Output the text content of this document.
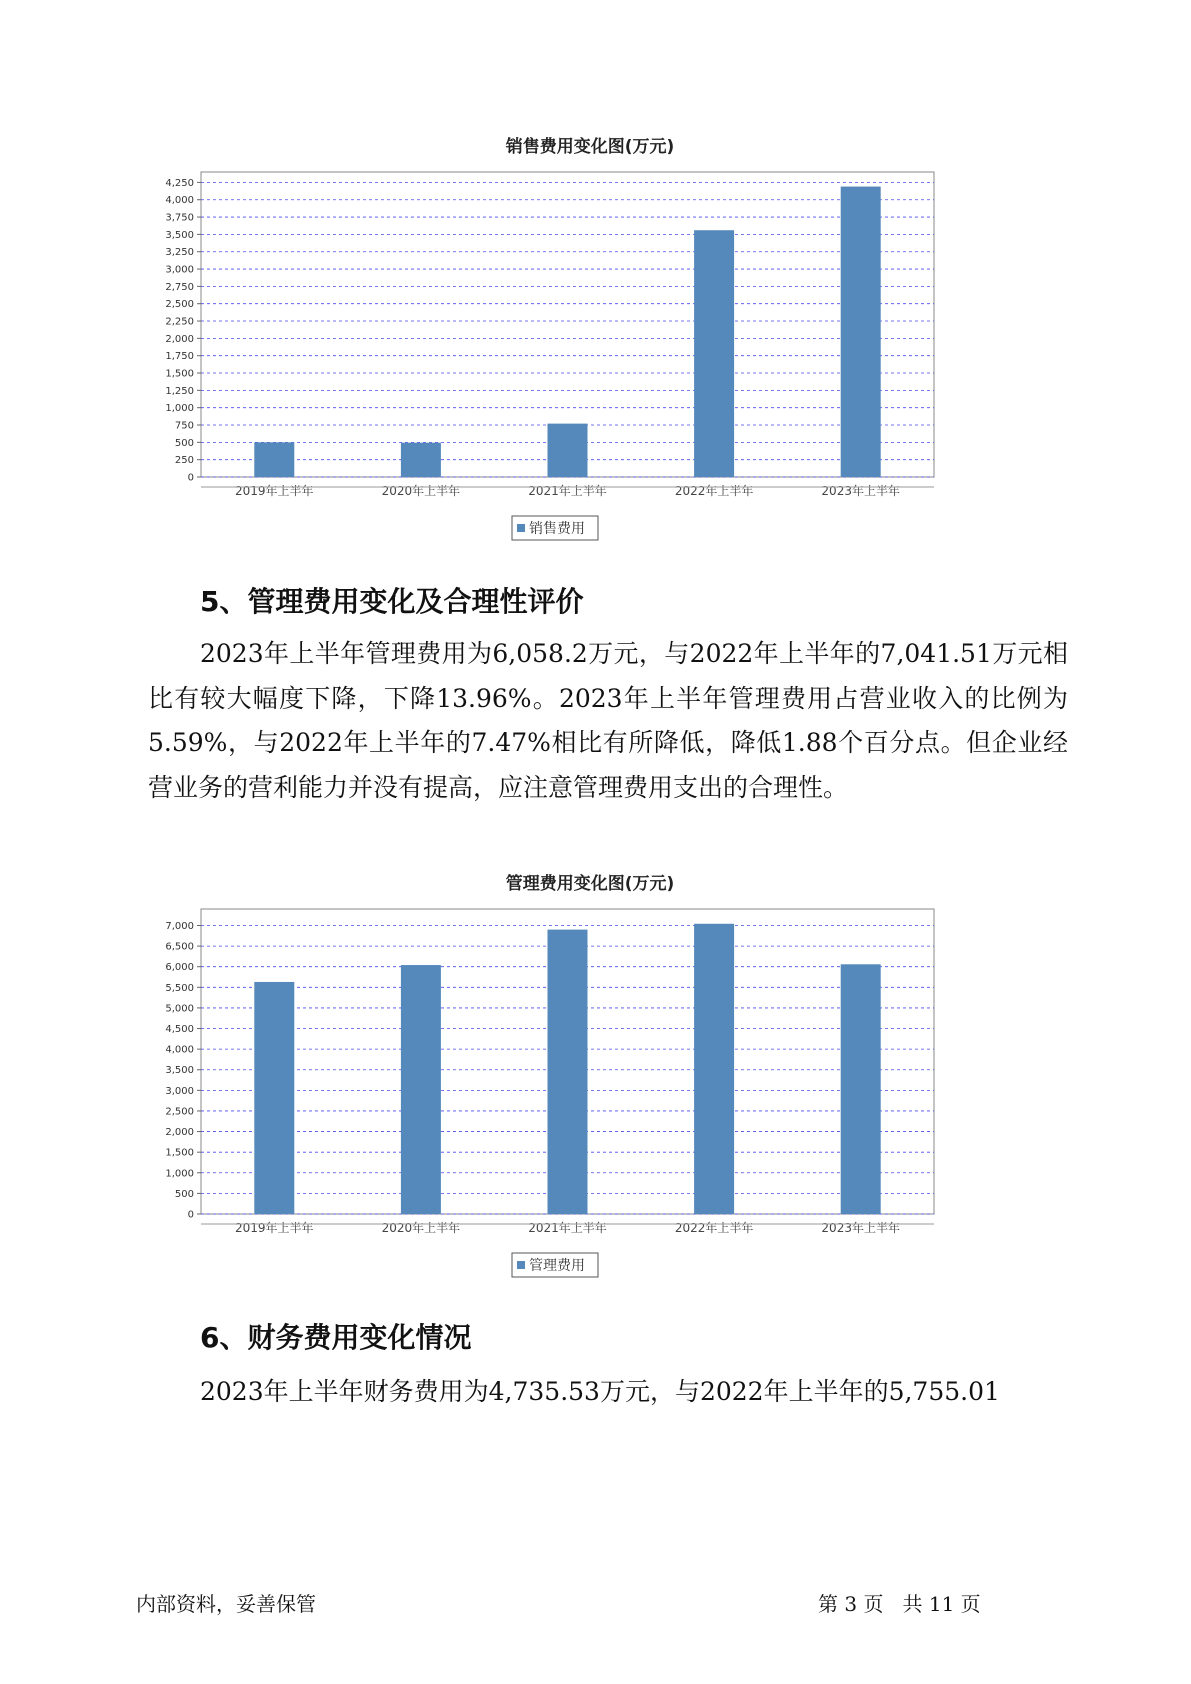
销售费用变化图(万元)
0
250
500
750
1,000
1,250
1,500
1,750
2,000
2,250
2,500
2,750
3,000
3,250
3,500
3,750
4,000
4,250
2019年上半年	2020年上半年	2021年上半年	2022年上半年	2023年上半年
销售费用
5、管理费用变化及合理性评价
2023年上半年管理费用为6,058.2万元，与2022年上半年的7,041.51万元相比有较大幅度下降，下降13.96%。2023年上半年管理费用占营业收入的比例为5.59%，与2022年上半年的7.47%相比有所降低，降低1.88个百分点。但企业经营业务的营利能力并没有提高，应注意管理费用支出的合理性。
管理费用变化图(万元)
0
500
1,000
1,500
2,000
2,500
3,000
3,500
4,000
4,500
5,000
5,500
6,000
6,500
7,000
2019年上半年	2020年上半年	2021年上半年	2022年上半年	2023年上半年
管理费用
6、财务费用变化情况
2023年上半年财务费用为4,735.53万元，与2022年上半年的5,755.01
内部资料，妥善保管	第 3 页   共 11 页
